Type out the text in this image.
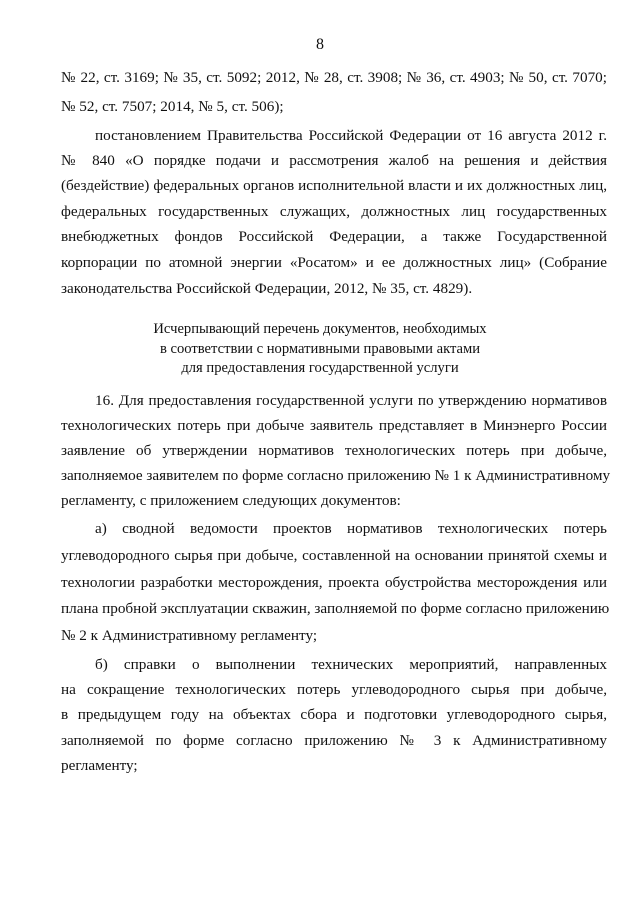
8
№ 22, ст. 3169; № 35, ст. 5092; 2012, № 28, ст. 3908; № 36, ст. 4903; № 50, ст. 7070;
№ 52, ст. 7507; 2014, № 5, ст. 506);
постановлением Правительства Российской Федерации от 16 августа 2012 г.
№ 840 «О порядке подачи и рассмотрения жалоб на решения и действия
(бездействие) федеральных органов исполнительной власти и их должностных лиц,
федеральных государственных служащих, должностных лиц государственных
внебюджетных фондов Российской Федерации, а также Государственной
корпорации по атомной энергии «Росатом» и ее должностных лиц» (Собрание
законодательства Российской Федерации, 2012, № 35, ст. 4829).
Исчерпывающий перечень документов, необходимых
в соответствии с нормативными правовыми актами
для предоставления государственной услуги
16. Для предоставления государственной услуги по утверждению нормативов
технологических потерь при добыче заявитель представляет в Минэнерго России
заявление об утверждении нормативов технологических потерь при добыче,
заполняемое заявителем по форме согласно приложению № 1 к Административному
регламенту, с приложением следующих документов:
а) сводной ведомости проектов нормативов технологических потерь
углеводородного сырья при добыче, составленной на основании принятой схемы и
технологии разработки месторождения, проекта обустройства месторождения или
плана пробной эксплуатации скважин, заполняемой по форме согласно приложению
№ 2 к Административному регламенту;
б) справки о выполнении технических мероприятий, направленных
на сокращение технологических потерь углеводородного сырья при добыче,
в предыдущем году на объектах сбора и подготовки углеводородного сырья,
заполняемой по форме согласно приложению № 3 к Административному
регламенту;
